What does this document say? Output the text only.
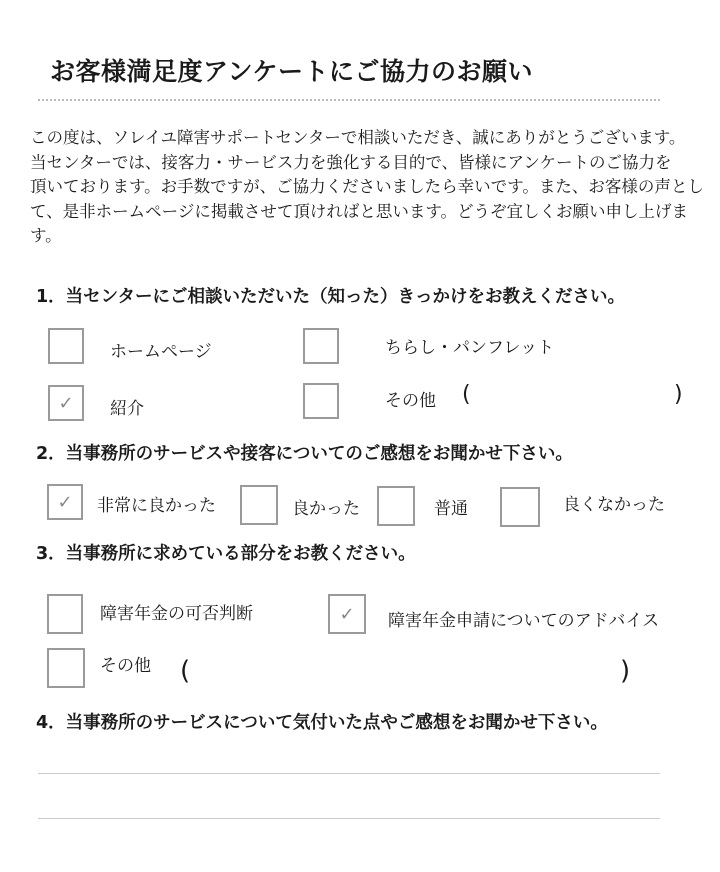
お客様満足度アンケートにご協力のお願い
この度は、ソレイユ障害サポートセンターで相談いただき、誠にありがとうございます。
当センターでは、接客力・サービス力を強化する目的で、皆様にアンケートのご協力を
頂いております。お手数ですが、ご協力くださいましたら幸いです。また、お客様の声とし
て、是非ホームページに掲載させて頂ければと思います。どうぞ宜しくお願い申し上げま
す。
1．当センターにご相談いただいた（知った）きっかけをお教えください。
ホームページ	ちらし・パンフレット
✓ 紹介	その他 (	)
2．当事務所のサービスや接客についてのご感想をお聞かせ下さい。
✓ 非常に良かった	良かった	普通	良くなかった
3．当事務所に求めている部分をお教ください。
障害年金の可否判断	✓ 障害年金申請についてのアドバイス
その他 (	)
4．当事務所のサービスについて気付いた点やご感想をお聞かせ下さい。
